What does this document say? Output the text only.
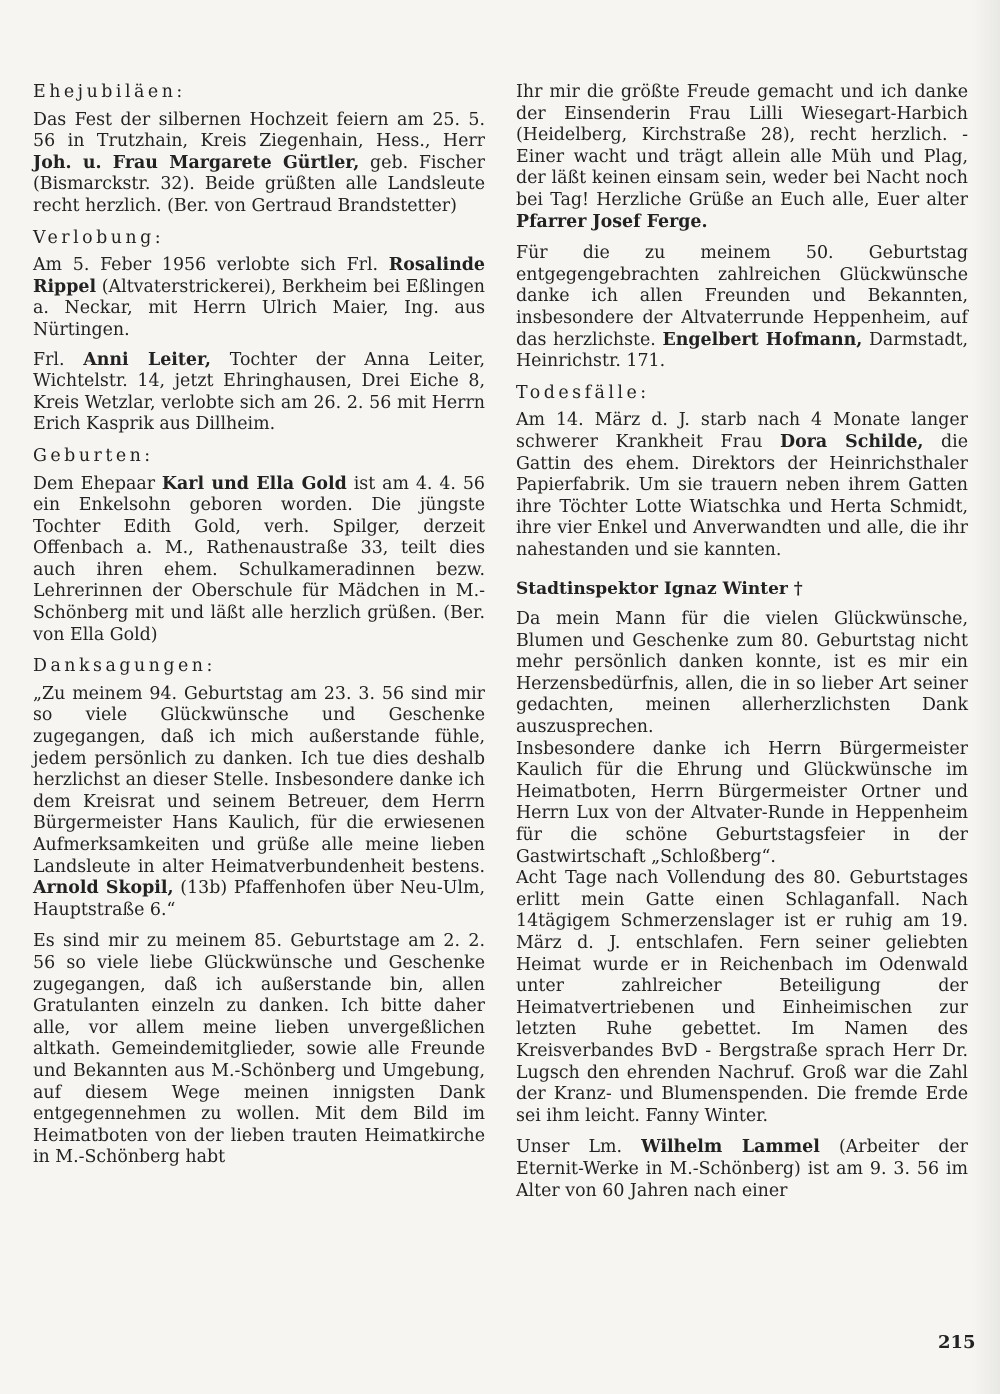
Ehejubiläen:

Das Fest der silbernen Hochzeit feiern am 25. 5. 56 in Trutzhain, Kreis Ziegenhain, Hess., Herr Joh. u. Frau Margarete Gürtler, geb. Fischer (Bismarckstr. 32). Beide grüßten alle Landsleute recht herzlich. (Ber. von Gertraud Brandstetter)

Verlobung:

Am 5. Feber 1956 verlobte sich Frl. Rosalinde Rippel (Altvaterstrickerei), Berkheim bei Eßlingen a. Neckar, mit Herrn Ulrich Maier, Ing. aus Nürtingen.

Frl. Anni Leiter, Tochter der Anna Leiter, Wichtelstr. 14, jetzt Ehringhausen, Drei Eiche 8, Kreis Wetzlar, verlobte sich am 26. 2. 56 mit Herrn Erich Kasprik aus Dillheim.

Geburten:

Dem Ehepaar Karl und Ella Gold ist am 4. 4. 56 ein Enkelsohn geboren worden. Die jüngste Tochter Edith Gold, verh. Spilger, derzeit Offenbach a. M., Rathenaustraße 33, teilt dies auch ihren ehem. Schulkameradinnen bezw. Lehrerinnen der Oberschule für Mädchen in M.-Schönberg mit und läßt alle herzlich grüßen. (Ber. von Ella Gold)

Danksagungen:

„Zu meinem 94. Geburtstag am 23. 3. 56 sind mir so viele Glückwünsche und Geschenke zugegangen, daß ich mich außerstande fühle, jedem persönlich zu danken. Ich tue dies deshalb herzlichst an dieser Stelle. Insbesondere danke ich dem Kreisrat und seinem Betreuer, dem Herrn Bürgermeister Hans Kaulich, für die erwiesenen Aufmerksamkeiten und grüße alle meine lieben Landsleute in alter Heimatverbundenheit bestens. Arnold Skopil, (13b) Pfaffenhofen über Neu-Ulm, Hauptstraße 6.“

Es sind mir zu meinem 85. Geburtstage am 2. 2. 56 so viele liebe Glückwünsche und Geschenke zugegangen, daß ich außerstande bin, allen Gratulanten einzeln zu danken. Ich bitte daher alle, vor allem meine lieben unvergeßlichen altkath. Gemeindemitglieder, sowie alle Freunde und Bekannten aus M.-Schönberg und Umgebung, auf diesem Wege meinen innigsten Dank entgegennehmen zu wollen. Mit dem Bild im Heimatboten von der lieben trauten Heimatkirche in M.-Schönberg habt

Ihr mir die größte Freude gemacht und ich danke der Einsenderin Frau Lilli Wiesegart-Harbich (Heidelberg, Kirchstraße 28), recht herzlich. - Einer wacht und trägt allein alle Müh und Plag, der läßt keinen einsam sein, weder bei Nacht noch bei Tag! Herzliche Grüße an Euch alle, Euer alter Pfarrer Josef Ferge.

Für die zu meinem 50. Geburtstag entgegengebrachten zahlreichen Glückwünsche danke ich allen Freunden und Bekannten, insbesondere der Altvaterrunde Heppenheim, auf das herzlichste. Engelbert Hofmann, Darmstadt, Heinrichstr. 171.

Todesfälle:

Am 14. März d. J. starb nach 4 Monate langer schwerer Krankheit Frau Dora Schilde, die Gattin des ehem. Direktors der Heinrichsthaler Papierfabrik. Um sie trauern neben ihrem Gatten ihre Töchter Lotte Wiatschka und Herta Schmidt, ihre vier Enkel und Anverwandten und alle, die ihr nahestanden und sie kannten.

Stadtinspektor Ignaz Winter †

Da mein Mann für die vielen Glückwünsche, Blumen und Geschenke zum 80. Geburtstag nicht mehr persönlich danken konnte, ist es mir ein Herzensbedürfnis, allen, die in so lieber Art seiner gedachten, meinen allerherzlichsten Dank auszusprechen.

Insbesondere danke ich Herrn Bürgermeister Kaulich für die Ehrung und Glückwünsche im Heimatboten, Herrn Bürgermeister Ortner und Herrn Lux von der Altvater-Runde in Heppenheim für die schöne Geburtstagsfeier in der Gastwirtschaft „Schloßberg“.

Acht Tage nach Vollendung des 80. Geburtstages erlitt mein Gatte einen Schlaganfall. Nach 14tägigem Schmerzenslager ist er ruhig am 19. März d. J. entschlafen. Fern seiner geliebten Heimat wurde er in Reichenbach im Odenwald unter zahlreicher Beteiligung der Heimatvertriebenen und Einheimischen zur letzten Ruhe gebettet. Im Namen des Kreisverbandes BvD - Bergstraße sprach Herr Dr. Lugsch den ehrenden Nachruf. Groß war die Zahl der Kranz- und Blumenspenden. Die fremde Erde sei ihm leicht. Fanny Winter.

Unser Lm. Wilhelm Lammel (Arbeiter der Eternit-Werke in M.-Schönberg) ist am 9. 3. 56 im Alter von 60 Jahren nach einer

215
